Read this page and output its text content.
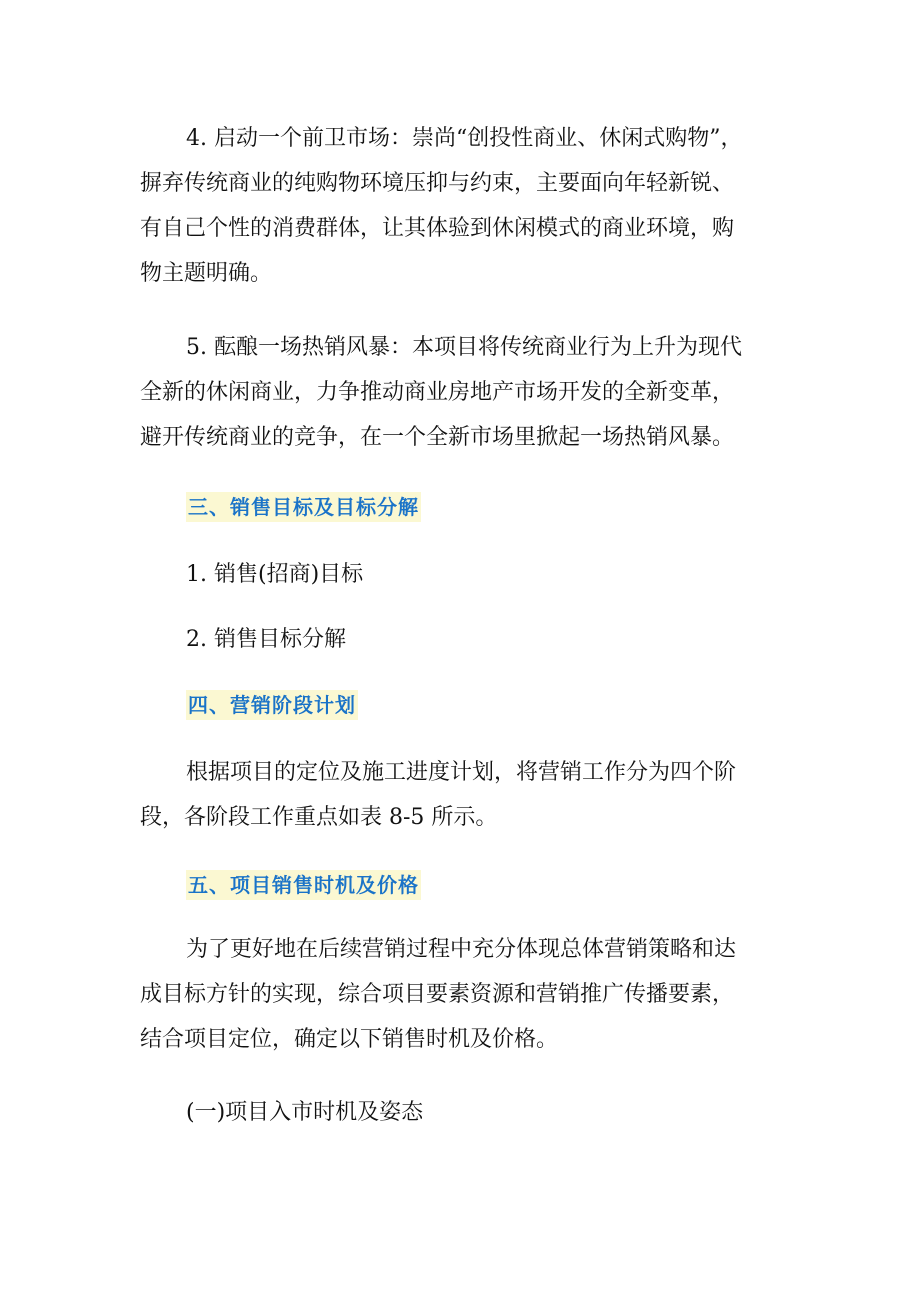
4. 启动一个前卫市场：崇尚“创投性商业、休闲式购物”，
摒弃传统商业的纯购物环境压抑与约束，主要面向年轻新锐、
有自己个性的消费群体，让其体验到休闲模式的商业环境，购
物主题明确。
5. 酝酿一场热销风暴：本项目将传统商业行为上升为现代
全新的休闲商业，力争推动商业房地产市场开发的全新变革，
避开传统商业的竞争，在一个全新市场里掀起一场热销风暴。
三、销售目标及目标分解
1. 销售(招商)目标
2. 销售目标分解
四、营销阶段计划
根据项目的定位及施工进度计划，将营销工作分为四个阶
段，各阶段工作重点如表 8-5 所示。
五、项目销售时机及价格
为了更好地在后续营销过程中充分体现总体营销策略和达
成目标方针的实现，综合项目要素资源和营销推广传播要素，
结合项目定位，确定以下销售时机及价格。
(一)项目入市时机及姿态
